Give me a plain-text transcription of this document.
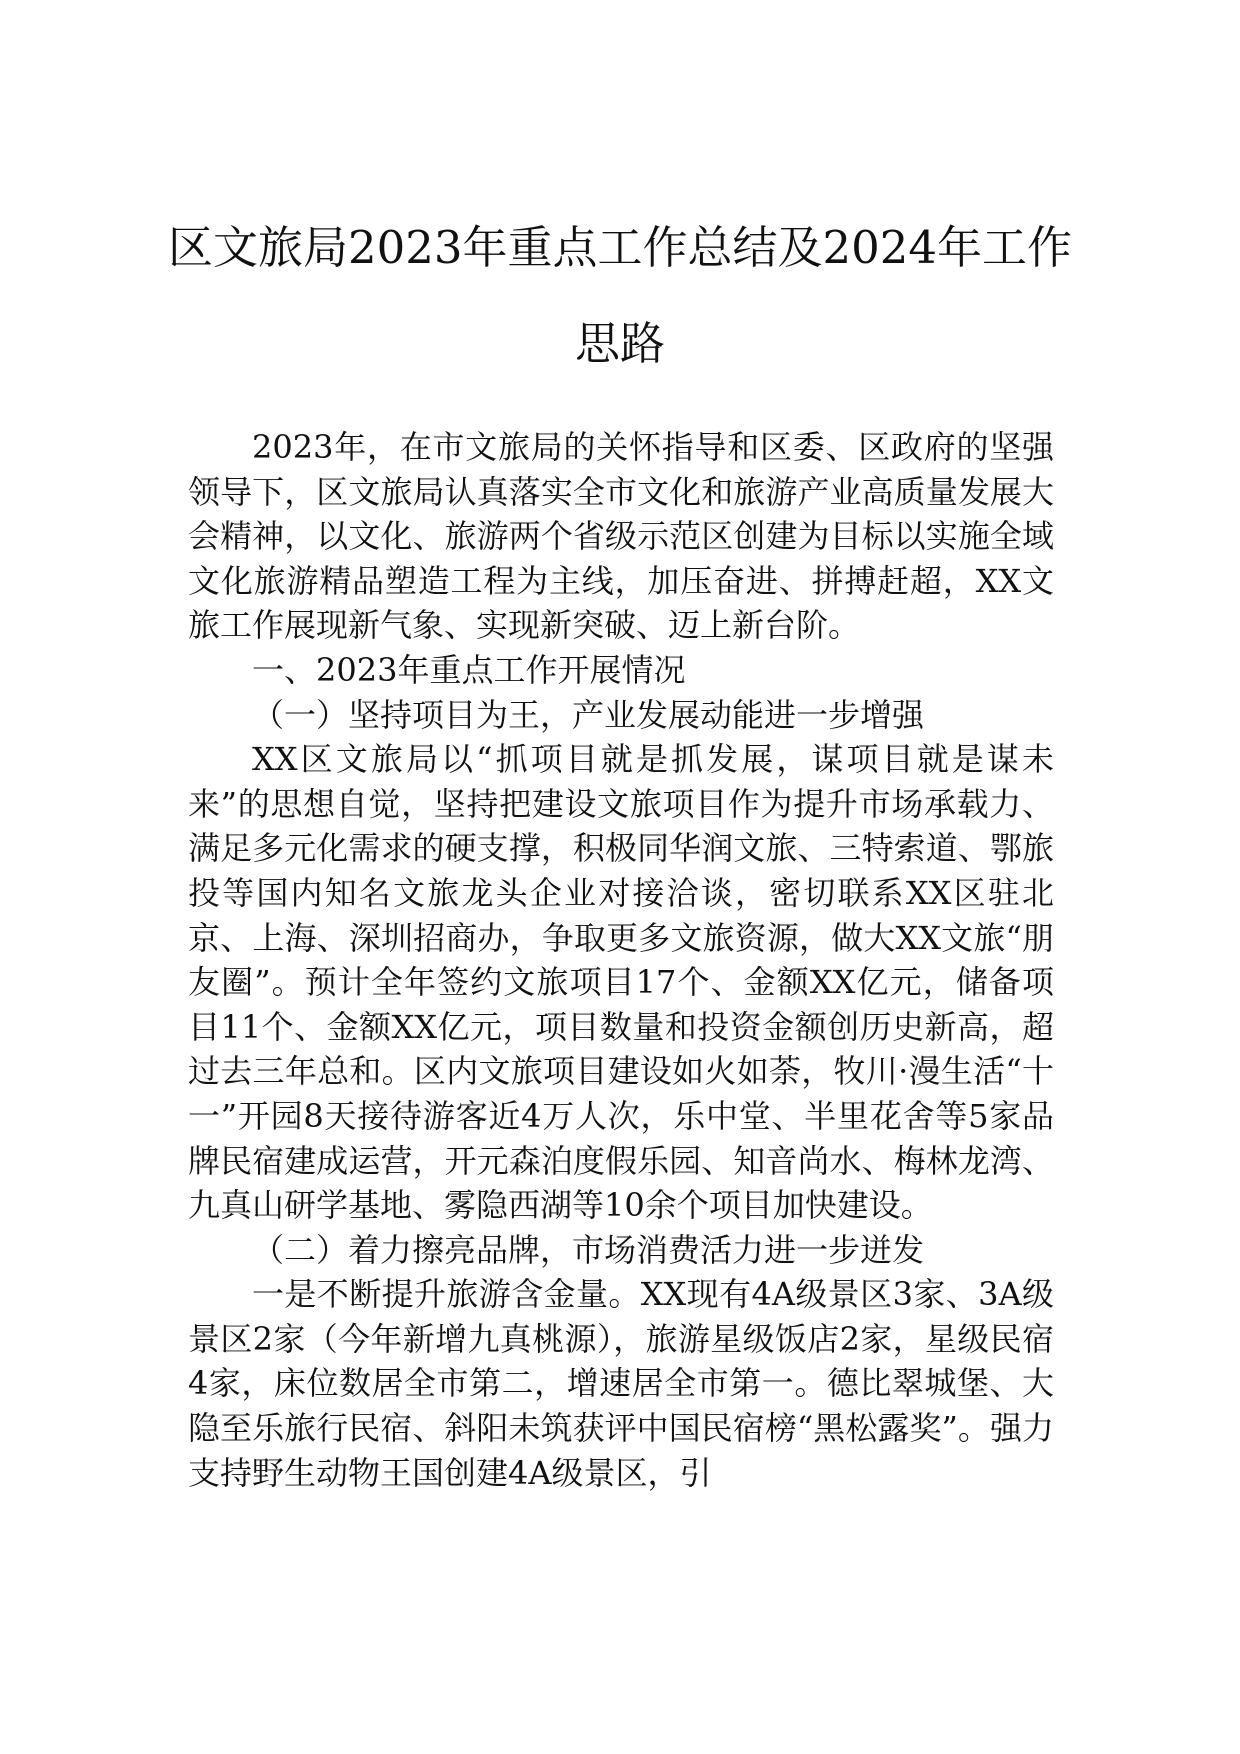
区文旅局2023年重点工作总结及2024年工作思路

2023年，在市文旅局的关怀指导和区委、区政府的坚强领导下，区文旅局认真落实全市文化和旅游产业高质量发展大会精神，以文化、旅游两个省级示范区创建为目标以实施全域文化旅游精品塑造工程为主线，加压奋进、拼搏赶超，XX文旅工作展现新气象、实现新突破、迈上新台阶。

一、2023年重点工作开展情况

（一）坚持项目为王，产业发展动能进一步增强

XX区文旅局以“抓项目就是抓发展，谋项目就是谋未来”的思想自觉，坚持把建设文旅项目作为提升市场承载力、满足多元化需求的硬支撑，积极同华润文旅、三特索道、鄂旅投等国内知名文旅龙头企业对接洽谈，密切联系XX区驻北京、上海、深圳招商办，争取更多文旅资源，做大XX文旅“朋友圈”。预计全年签约文旅项目17个、金额XX亿元，储备项目11个、金额XX亿元，项目数量和投资金额创历史新高，超过去三年总和。区内文旅项目建设如火如荼，牧川·漫生活“十一”开园8天接待游客近4万人次，乐中堂、半里花舍等5家品牌民宿建成运营，开元森泊度假乐园、知音尚水、梅林龙湾、九真山研学基地、雾隐西湖等10余个项目加快建设。

（二）着力擦亮品牌，市场消费活力进一步迸发

一是不断提升旅游含金量。XX现有4A级景区3家、3A级景区2家（今年新增九真桃源），旅游星级饭店2家，星级民宿4家，床位数居全市第二，增速居全市第一。德比翠城堡、大隐至乐旅行民宿、斜阳未筑获评中国民宿榜“黑松露奖”。强力支持野生动物王国创建4A级景区，引
